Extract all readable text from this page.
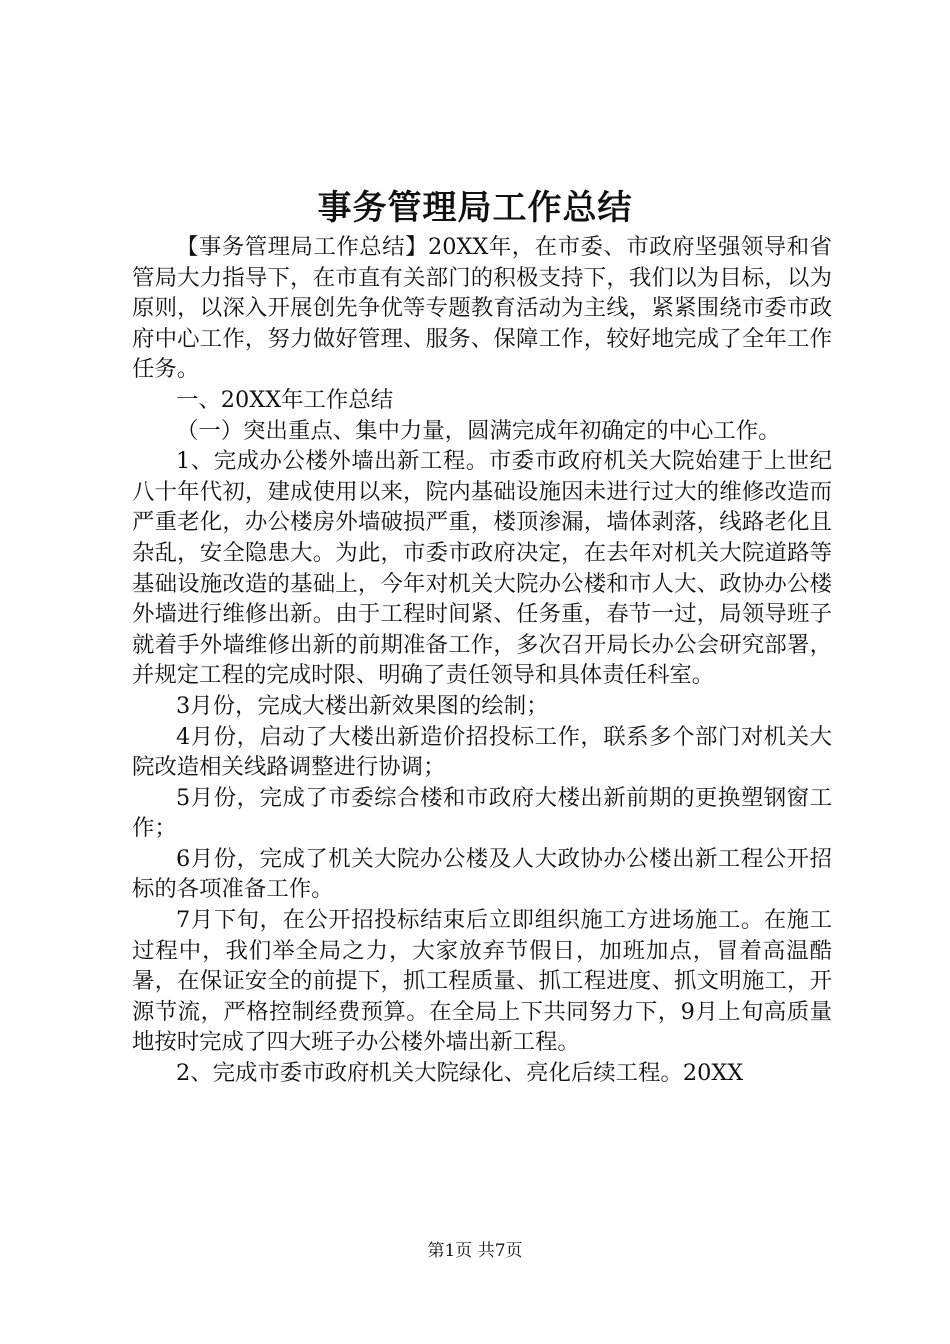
事务管理局工作总结

【事务管理局工作总结】20XX年，在市委、市政府坚强领导和省管局大力指导下，在市直有关部门的积极支持下，我们以为目标，以为原则，以深入开展创先争优等专题教育活动为主线，紧紧围绕市委市政府中心工作，努力做好管理、服务、保障工作，较好地完成了全年工作任务。

一、20XX年工作总结

（一）突出重点、集中力量，圆满完成年初确定的中心工作。

1、完成办公楼外墙出新工程。市委市政府机关大院始建于上世纪八十年代初，建成使用以来，院内基础设施因未进行过大的维修改造而严重老化，办公楼房外墙破损严重，楼顶渗漏，墙体剥落，线路老化且杂乱，安全隐患大。为此，市委市政府决定，在去年对机关大院道路等基础设施改造的基础上，今年对机关大院办公楼和市人大、政协办公楼外墙进行维修出新。由于工程时间紧、任务重，春节一过，局领导班子就着手外墙维修出新的前期准备工作，多次召开局长办公会研究部署，并规定工程的完成时限、明确了责任领导和具体责任科室。

3月份，完成大楼出新效果图的绘制；

4月份，启动了大楼出新造价招投标工作，联系多个部门对机关大院改造相关线路调整进行协调；

5月份，完成了市委综合楼和市政府大楼出新前期的更换塑钢窗工作；

6月份，完成了机关大院办公楼及人大政协办公楼出新工程公开招标的各项准备工作。

7月下旬，在公开招投标结束后立即组织施工方进场施工。在施工过程中，我们举全局之力，大家放弃节假日，加班加点，冒着高温酷暑，在保证安全的前提下，抓工程质量、抓工程进度、抓文明施工，开源节流，严格控制经费预算。在全局上下共同努力下，9月上旬高质量地按时完成了四大班子办公楼外墙出新工程。

2、完成市委市政府机关大院绿化、亮化后续工程。20XX

第1页 共7页
